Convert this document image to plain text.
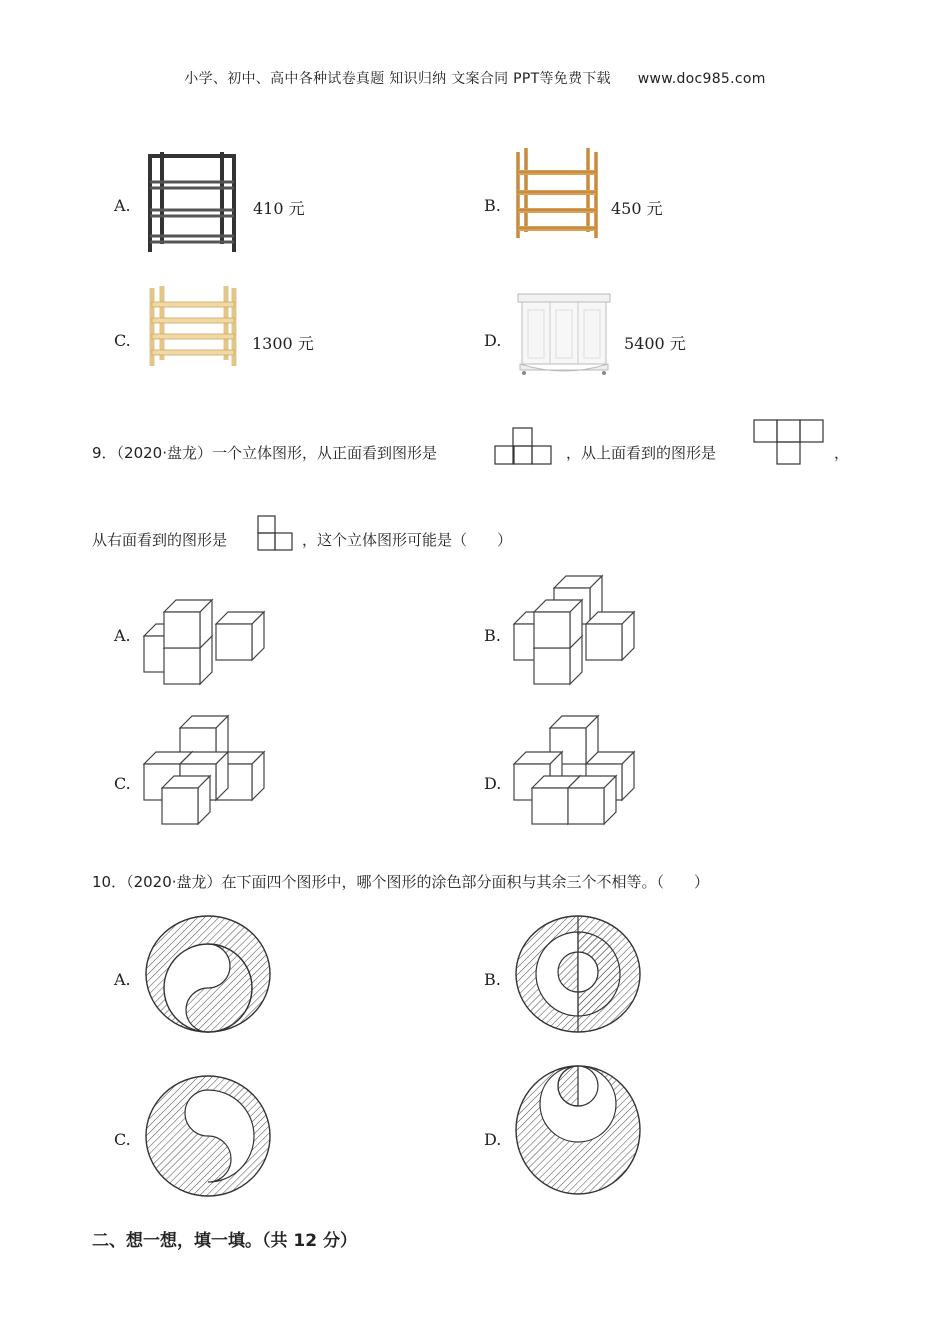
小学、初中、高中各种试卷真题 知识归纳 文案合同 PPT等免费下载 www.doc985.com
A.	410 元	B.	450 元
C.	1300 元	D.	5400 元
9．（2020·盘龙）一个立体图形，从正面看到图形是	，从上面看到的图形是	，
从右面看到的图形是	，这个立体图形可能是（　　）
A.	B.
C.	D.
10．（2020·盘龙）在下面四个图形中，哪个图形的涂色部分面积与其余三个不相等。（　　）
A.	B.
C.	D.
二、想一想，填一填。（共 12 分）
